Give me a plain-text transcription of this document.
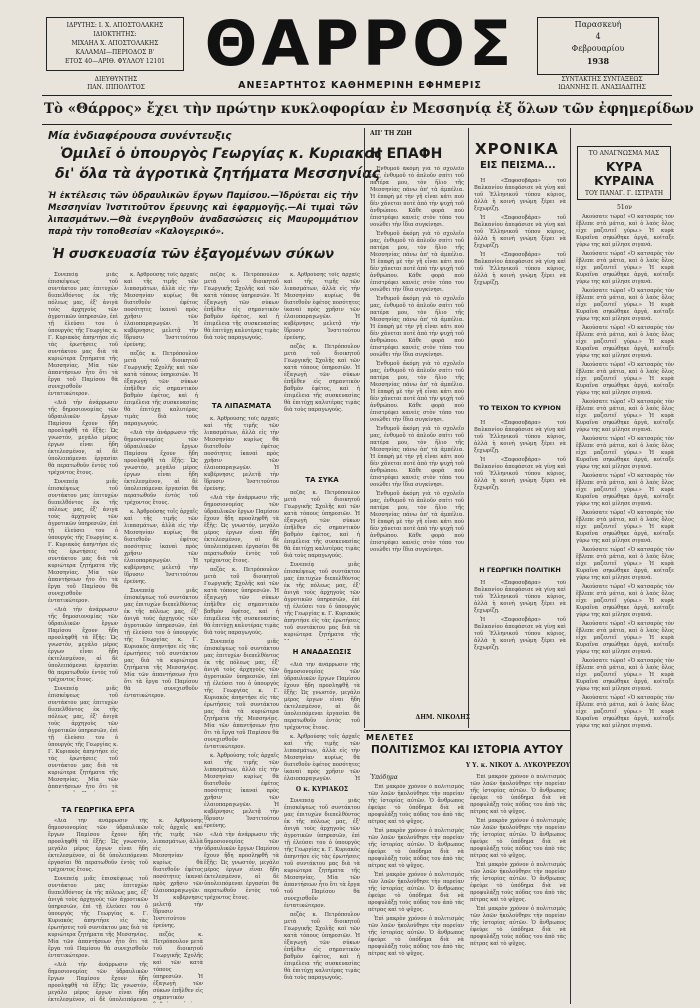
ΙΔΡΥΤΗΣ: Ι. Χ. ΑΠΟΣΤΟΛΑΚΗΣ
ΙΔΙΟΚΤΗΤΗΣ:
ΜΙΧΑΗΛ Χ. ΑΠΟΣΤΟΛΑΚΗΣ
ΚΑΛΑΜΑΙ—ΠΕΡΙΟΔΟΣ Β'
ΕΤΟΣ 40—ΑΡΙΘ. ΦΥΛΛΟΥ 12101
ΔΙΕΥΘΥΝΤΗΣ
ΠΑΝ. ΙΠΠΟΛΥΤΟΣ
ΘΑΡΡΟΣ
ΑΝΕΞΑΡΤΗΤΟΣ ΚΑΘΗΜΕΡΙΝΗ ΕΦΗΜΕΡΙΣ
Παρασκευή
4
Φεβρουαρίου
1938
ΣΥΝΤΑΚΤΗΣ ΣΥΝΤΑΞΕΩΣ
ΙΩΑΝΝΗΣ Π. ΑΝΑΣΙΑΔΙΤΗΣ
Τὸ «Θάρρος» ἔχει τὴν πρώτην κυκλοφορίαν ἐν Μεσσηνίᾳ ἐξ ὅλων τῶν ἐφημερίδων
Μία ἐνδιαφέρουσα συνέντευξις
Ὁμιλεῖ ὁ ὑπουργὸς Γεωργίας κ. Κυριακος
δι' ὅλα τὰ ἀγροτικὰ ζητήματα Μεσσηνίας
Ἡ ἐκτέλεσις τῶν ὑδραυλικῶν ἔργων Παμίσου.—Ἱδρύεται εἰς τὴν Μεσσηνίαν Ἰνστιτοῦτον ἔρευνης καὶ ἐφαρμογῆς.—Αἱ τιμαὶ τῶν λιπασμάτων.—Θὰ ἐνεργηθοῦν ἀναδασώσεις εἰς Μαυρομμάτιον παρὰ τὴν τοποθεσίαν «Καλογερικό».
Ἡ συσκευασία τῶν ἐξαγομένων σύκων

Συνεπείᾳ μιᾶς ἐπισκέψεως τοῦ συντάκτου μας ἐπιτυχὼν διεπελθόντος ἐκ τῆς πόλεως μας, ἐξ' ἀνιγὰ τοὺς ἀρχηγοὺς τῶν ἀγροτικῶν ὑπηρεσιῶν, ἐπὶ τῇ ἐλεύσει του ὁ ὑπουργὸς τῆς Γεωργίας κ. Γ. Κυριακὸς ἀπηντήσε εἰς τὰς ἐρωτήσεις τοῦ συντάκτου μας διὰ τὰ κυριώτερα ζητήματα τῆς Μεσσηνίας. Μία τῶν ἀπαντήσεων ἦτο ὅτι τὰ ἔργα τοῦ Παμίσου θὰ συνεχισθοῦν ἐντατικώτερον.

«Διὰ τὴν ἀνάρρωσιν τῆς δημοσιονομίας τῶν ὑδραυλικῶν ἔργων Παμίσου ἔχουν ἤδη προσληφθῆ τὰ ἔξῆς: Ὡς γνωστόν, μεγάλο μέρος ἐργων εἶναι ἤδη ἐκτελεσμένον, αἱ δὲ ὑπολειπόμεναι ἐργασίαι θὰ περατωθοῦν ἐντὸς τοῦ τρέχοντος ἔτους.

Συνεπείᾳ μιᾶς ἐπισκέψεως τοῦ συντάκτου μας ἐπιτυχὼν διεπελθόντος ἐκ τῆς πόλεως μας, ἐξ' ἀνιγὰ τοὺς ἀρχηγοὺς τῶν ἀγροτικῶν ὑπηρεσιῶν, ἐπὶ τῇ ἐλεύσει του ὁ ὑπουργὸς τῆς Γεωργίας κ. Γ. Κυριακὸς ἀπηντήσε εἰς τὰς ἐρωτήσεις τοῦ συντάκτου μας διὰ τὰ κυριώτερα ζητήματα τῆς Μεσσηνίας. Μία τῶν ἀπαντήσεων ἦτο ὅτι τὰ ἔργα τοῦ Παμίσου θὰ συνεχισθοῦν ἐντατικώτερον.

«Διὰ τὴν ἀνάρρωσιν τῆς δημοσιονομίας τῶν ὑδραυλικῶν ἔργων Παμίσου ἔχουν ἤδη προσληφθῆ τὰ ἔξῆς: Ὡς γνωστόν, μεγάλο μέρος ἐργων εἶναι ἤδη ἐκτελεσμένον, αἱ δὲ ὑπολειπόμεναι ἐργασίαι θὰ περατωθοῦν ἐντὸς τοῦ τρέχοντος ἔτους.

Συνεπείᾳ μιᾶς ἐπισκέψεως τοῦ συντάκτου μας ἐπιτυχὼν διεπελθόντος ἐκ τῆς πόλεως μας, ἐξ' ἀνιγὰ τοὺς ἀρχηγοὺς τῶν ἀγροτικῶν ὑπηρεσιῶν, ἐπὶ τῇ ἐλεύσει του ὁ ὑπουργὸς τῆς Γεωργίας κ. Γ. Κυριακὸς ἀπηντήσε εἰς τὰς ἐρωτήσεις τοῦ συντάκτου μας διὰ τὰ κυριώτερα ζητήματα τῆς Μεσσηνίας. Μία τῶν ἀπαντήσεων ἦτο ὅτι τὰ

ΤΑ ΓΕΩΡΓΙΚΑ ΕΡΓΑ

«Διὰ τὴν ἀνάρρωσιν τῆς δημοσιονομίας τῶν ὑδραυλικῶν ἔργων Παμίσου ἔχουν ἤδη προσληφθῆ τὰ ἔξῆς: Ὡς γνωστόν, μεγάλο μέρος ἐργων εἶναι ἤδη ἐκτελεσμένον, αἱ δὲ ὑπολειπόμεναι ἐργασίαι θὰ περατωθοῦν ἐντὸς τοῦ τρέχοντος ἔτους.

Συνεπείᾳ μιᾶς ἐπισκέψεως τοῦ συντάκτου μας ἐπιτυχὼν διεπελθόντος ἐκ τῆς πόλεως μας, ἐξ' ἀνιγὰ τοὺς ἀρχηγοὺς τῶν ἀγροτικῶν ὑπηρεσιῶν, ἐπὶ τῇ ἐλεύσει του ὁ ὑπουργὸς τῆς Γεωργίας κ. Γ. Κυριακὸς ἀπηντήσε εἰς τὰς ἐρωτήσεις τοῦ συντάκτου μας διὰ τὰ κυριώτερα ζητήματα τῆς Μεσσηνίας. Μία τῶν ἀπαντήσεων ἦτο ὅτι τὰ ἔργα τοῦ Παμίσου θὰ συνεχισθοῦν ἐντατικώτερον.

«Διὰ τὴν ἀνάρρωσιν τῆς δημοσιονομίας τῶν ὑδραυλικῶν ἔργων Παμίσου ἔχουν ἤδη προσληφθῆ τὰ ἔξῆς: Ὡς γνωστόν, μεγάλο μέρος ἐργων εἶναι ἤδη ἐκτελεσμένον, αἱ δὲ ὑπολειπόμεναι

κ. Ἀρθρούσης τοῖς ἀρχαῖς καὶ τῆς τιμῆς τῶν λιπασμάτων, ἀλλὰ εἰς τὴν Μεσσηνίαν κυρίως θὰ διατεθοῦν ἐφέτος ποσότητες ἱκαναὶ πρὸς χρῆσιν τῶν ἐλαιοπαραγωγῶν. Ἡ κυβέρνησις μελετᾷ τὴν ἵδρυσιν Ἰνστιτούτου ἐρεύνης.

πεζάς κ. Πετρόπουλον μετὰ τοῦ διοικητοῦ Γεωργικῆς Σχολῆς καὶ τῶν κατὰ τόπους ὑπηρεσιῶν. Ἡ ἐξαγωγὴ τῶν σύκων ἐπῆλθεν εἰς σημαντικὸν βαθμὸν ἐφέτος, καὶ ἡ ἐπιμέλεια τῆς συσκευασίας θὰ ἐπιτύχῃ καλυτέρας τιμὰς διὰ τοὺς παραγωγούς.

«Διὰ τὴν ἀνάρρωσιν τῆς δημοσιονομίας τῶν ὑδραυλικῶν ἔργων Παμίσου ἔχουν ἤδη προσληφθῆ τὰ ἔξῆς: Ὡς γνωστόν, μεγάλο μέρος ἐργων εἶναι ἤδη ἐκτελεσμένον, αἱ δὲ ὑπολειπόμεναι ἐργασίαι θὰ περατωθοῦν ἐντὸς τοῦ τρέχοντος ἔτους.

κ. Ἀρθρούσης τοῖς ἀρχαῖς καὶ τῆς τιμῆς τῶν λιπασμάτων, ἀλλὰ εἰς τὴν Μεσσηνίαν κυρίως θὰ διατεθοῦν ἐφέτος ποσότητες ἱκαναὶ πρὸς χρῆσιν τῶν ἐλαιοπαραγωγῶν. Ἡ κυβέρνησις μελετᾷ τὴν ἵδρυσιν Ἰνστιτούτου ἐρεύνης.

Συνεπείᾳ μιᾶς ἐπισκέψεως τοῦ συντάκτου μας ἐπιτυχὼν διεπελθόντος ἐκ τῆς πόλεως μας, ἐξ' ἀνιγὰ τοὺς ἀρχηγοὺς τῶν ἀγροτικῶν ὑπηρεσιῶν, ἐπὶ τῇ ἐλεύσει του ὁ ὑπουργὸς τῆς Γεωργίας κ. Γ. Κυριακὸς ἀπηντήσε εἰς τὰς ἐρωτήσεις τοῦ συντάκτου μας διὰ τὰ κυριώτερα ζητήματα τῆς Μεσσηνίας. Μία τῶν ἀπαντήσεων ἦτο ὅτι τὰ ἔργα τοῦ Παμίσου θὰ συνεχισθοῦν ἐντατικώτερον.

κ. Ἀρθρούσης τοῖς ἀρχαῖς καὶ τῆς τιμῆς τῶν λιπασμάτων, ἀλλὰ εἰς τὴν Μεσσηνίαν κυρίως θὰ διατεθοῦν ἐφέτος ποσότητες ἱκαναὶ πρὸς χρῆσιν τῶν ἐλαιοπαραγωγῶν. Ἡ κυβέρνησις μελετᾷ τὴν ἵδρυσιν Ἰνστιτούτου ἐρεύνης.

πεζάς κ. Πετρόπουλον μετὰ τοῦ διοικητοῦ Γεωργικῆς Σχολῆς καὶ τῶν κατὰ τόπους ὑπηρεσιῶν. Ἡ ἐξαγωγὴ τῶν σύκων ἐπῆλθεν εἰς σημαντικὸν

πεζάς κ. Πετρόπουλον μετὰ τοῦ διοικητοῦ Γεωργικῆς Σχολῆς καὶ τῶν κατὰ τόπους ὑπηρεσιῶν. Ἡ ἐξαγωγὴ τῶν σύκων ἐπῆλθεν εἰς σημαντικὸν βαθμὸν ἐφέτος, καὶ ἡ ἐπιμέλεια τῆς συσκευασίας θὰ ἐπιτύχῃ καλυτέρας τιμὰς διὰ τοὺς παραγωγούς.

ΤΑ ΛΙΠΑΣΜΑΤΑ

κ. Ἀρθρούσης τοῖς ἀρχαῖς καὶ τῆς τιμῆς τῶν λιπασμάτων, ἀλλὰ εἰς τὴν Μεσσηνίαν κυρίως θὰ διατεθοῦν ἐφέτος ποσότητες ἱκαναὶ πρὸς χρῆσιν τῶν ἐλαιοπαραγωγῶν. Ἡ κυβέρνησις μελετᾷ τὴν ἵδρυσιν Ἰνστιτούτου ἐρεύνης.

«Διὰ τὴν ἀνάρρωσιν τῆς δημοσιονομίας τῶν ὑδραυλικῶν ἔργων Παμίσου ἔχουν ἤδη προσληφθῆ τὰ ἔξῆς: Ὡς γνωστόν, μεγάλο μέρος ἐργων εἶναι ἤδη ἐκτελεσμένον, αἱ δὲ ὑπολειπόμεναι ἐργασίαι θὰ περατωθοῦν ἐντὸς τοῦ τρέχοντος ἔτους.

πεζάς κ. Πετρόπουλον μετὰ τοῦ διοικητοῦ Γεωργικῆς Σχολῆς καὶ τῶν κατὰ τόπους ὑπηρεσιῶν. Ἡ ἐξαγωγὴ τῶν σύκων ἐπῆλθεν εἰς σημαντικὸν βαθμὸν ἐφέτος, καὶ ἡ ἐπιμέλεια τῆς συσκευασίας θὰ ἐπιτύχῃ καλυτέρας τιμὰς διὰ τοὺς παραγωγούς.

Συνεπείᾳ μιᾶς ἐπισκέψεως τοῦ συντάκτου μας ἐπιτυχὼν διεπελθόντος ἐκ τῆς πόλεως μας, ἐξ' ἀνιγὰ τοὺς ἀρχηγοὺς τῶν ἀγροτικῶν ὑπηρεσιῶν, ἐπὶ τῇ ἐλεύσει του ὁ ὑπουργὸς τῆς Γεωργίας κ. Γ. Κυριακὸς ἀπηντήσε εἰς τὰς ἐρωτήσεις τοῦ συντάκτου μας διὰ τὰ κυριώτερα ζητήματα τῆς Μεσσηνίας. Μία τῶν ἀπαντήσεων ἦτο ὅτι τὰ ἔργα τοῦ Παμίσου θὰ συνεχισθοῦν ἐντατικώτερον.

κ. Ἀρθρούσης τοῖς ἀρχαῖς καὶ τῆς τιμῆς τῶν λιπασμάτων, ἀλλὰ εἰς τὴν Μεσσηνίαν κυρίως θὰ διατεθοῦν ἐφέτος ποσότητες ἱκαναὶ πρὸς χρῆσιν τῶν ἐλαιοπαραγωγῶν. Ἡ κυβέρνησις μελετᾷ τὴν ἵδρυσιν Ἰνστιτούτου ἐρεύνης.

«Διὰ τὴν ἀνάρρωσιν τῆς δημοσιονομίας τῶν ὑδραυλικῶν ἔργων Παμίσου ἔχουν ἤδη προσληφθῆ τὰ ἔξῆς: Ὡς γνωστόν, μεγάλο μέρος ἐργων εἶναι ἤδη ἐκτελεσμένον, αἱ δὲ ὑπολειπόμεναι ἐργασίαι θὰ περατωθοῦν ἐντὸς τοῦ τρέχοντος ἔτους.

κ. Ἀρθρούσης τοῖς ἀρχαῖς καὶ τῆς τιμῆς τῶν λιπασμάτων, ἀλλὰ εἰς τὴν Μεσσηνίαν κυρίως θὰ διατεθοῦν ἐφέτος ποσότητες ἱκαναὶ πρὸς χρῆσιν τῶν ἐλαιοπαραγωγῶν. Ἡ κυβέρνησις μελετᾷ τὴν ἵδρυσιν Ἰνστιτούτου ἐρεύνης.

πεζάς κ. Πετρόπουλον μετὰ τοῦ διοικητοῦ Γεωργικῆς Σχολῆς καὶ τῶν κατὰ τόπους ὑπηρεσιῶν. Ἡ ἐξαγωγὴ τῶν σύκων ἐπῆλθεν εἰς σημαντικὸν βαθμὸν ἐφέτος, καὶ ἡ ἐπιμέλεια τῆς συσκευασίας θὰ ἐπιτύχῃ καλυτέρας τιμὰς διὰ τοὺς παραγωγούς.

ΤΑ ΣΥΚΑ

πεζάς κ. Πετρόπουλον μετὰ τοῦ διοικητοῦ Γεωργικῆς Σχολῆς καὶ τῶν κατὰ τόπους ὑπηρεσιῶν. Ἡ ἐξαγωγὴ τῶν σύκων ἐπῆλθεν εἰς σημαντικὸν βαθμὸν ἐφέτος, καὶ ἡ ἐπιμέλεια τῆς συσκευασίας θὰ ἐπιτύχῃ καλυτέρας τιμὰς διὰ τοὺς παραγωγούς.

Συνεπείᾳ μιᾶς ἐπισκέψεως τοῦ συντάκτου μας ἐπιτυχὼν διεπελθόντος ἐκ τῆς πόλεως μας, ἐξ' ἀνιγὰ τοὺς ἀρχηγοὺς τῶν ἀγροτικῶν ὑπηρεσιῶν, ἐπὶ τῇ ἐλεύσει του ὁ ὑπουργὸς τῆς Γεωργίας κ. Γ. Κυριακὸς ἀπηντήσε εἰς τὰς ἐρωτήσεις τοῦ συντάκτου μας διὰ τὰ κυριώτερα ζητήματα τῆς

Η ΑΝΑΔΑΣΩΣΙΣ

«Διὰ τὴν ἀνάρρωσιν τῆς δημοσιονομίας τῶν ὑδραυλικῶν ἔργων Παμίσου ἔχουν ἤδη προσληφθῆ τὰ ἔξῆς: Ὡς γνωστόν, μεγάλο μέρος ἐργων εἶναι ἤδη ἐκτελεσμένον, αἱ δὲ ὑπολειπόμεναι ἐργασίαι θὰ περατωθοῦν ἐντὸς τοῦ τρέχοντος ἔτους.

κ. Ἀρθρούσης τοῖς ἀρχαῖς καὶ τῆς τιμῆς τῶν λιπασμάτων, ἀλλὰ εἰς τὴν Μεσσηνίαν κυρίως θὰ διατεθοῦν ἐφέτος ποσότητες ἱκαναὶ πρὸς χρῆσιν τῶν ἐλαιοπαραγωγῶν. Ἡ

Ο κ. ΚΥΡΙΑΚΟΣ

Συνεπείᾳ μιᾶς ἐπισκέψεως τοῦ συντάκτου μας ἐπιτυχὼν διεπελθόντος ἐκ τῆς πόλεως μας, ἐξ' ἀνιγὰ τοὺς ἀρχηγοὺς τῶν ἀγροτικῶν ὑπηρεσιῶν, ἐπὶ τῇ ἐλεύσει του ὁ ὑπουργὸς τῆς Γεωργίας κ. Γ. Κυριακὸς ἀπηντήσε εἰς τὰς ἐρωτήσεις τοῦ συντάκτου μας διὰ τὰ κυριώτερα ζητήματα τῆς Μεσσηνίας. Μία τῶν ἀπαντήσεων ἦτο ὅτι τὰ ἔργα τοῦ Παμίσου θὰ συνεχισθοῦν ἐντατικώτερον.

πεζάς κ. Πετρόπουλον μετὰ τοῦ διοικητοῦ Γεωργικῆς Σχολῆς καὶ τῶν κατὰ τόπους ὑπηρεσιῶν. Ἡ ἐξαγωγὴ τῶν σύκων ἐπῆλθεν εἰς σημαντικὸν βαθμὸν ἐφέτος, καὶ ἡ ἐπιμέλεια τῆς συσκευασίας θὰ ἐπιτύχῃ καλυτέρας τιμὰς διὰ τοὺς παραγωγούς.

ΑΠ' ΤΗ ΖΩΗ
Η ΕΠΑΦΗ

Ἐνθυμοῦ ἀκόμη γιὰ τὸ σχολεῖο μας, ἐνθυμοῦ τὸ ἁπλοῦν σπίτι τοῦ πατέρα μου, τὸν ἥλιο τῆς Μεσσηνίας πάνω ἀπ' τὰ ἀμπέλια. Ἡ ἐπαφὴ μὲ τὴν γῆ εἶναι κάτι ποὺ δὲν χάνεται ποτὲ ἀπὸ τὴν ψυχὴ τοῦ ἀνθρώπου. Κάθε φορὰ ποὺ ἐπιστρέφει κανεὶς στὸν τόπο του νοιώθει τὴν ἴδια συγκίνησι.

Ἐνθυμοῦ ἀκόμη γιὰ τὸ σχολεῖο μας, ἐνθυμοῦ τὸ ἁπλοῦν σπίτι τοῦ πατέρα μου, τὸν ἥλιο τῆς Μεσσηνίας πάνω ἀπ' τὰ ἀμπέλια. Ἡ ἐπαφὴ μὲ τὴν γῆ εἶναι κάτι ποὺ δὲν χάνεται ποτὲ ἀπὸ τὴν ψυχὴ τοῦ ἀνθρώπου. Κάθε φορὰ ποὺ ἐπιστρέφει κανεὶς στὸν τόπο του νοιώθει τὴν ἴδια συγκίνησι.

Ἐνθυμοῦ ἀκόμη γιὰ τὸ σχολεῖο μας, ἐνθυμοῦ τὸ ἁπλοῦν σπίτι τοῦ πατέρα μου, τὸν ἥλιο τῆς Μεσσηνίας πάνω ἀπ' τὰ ἀμπέλια. Ἡ ἐπαφὴ μὲ τὴν γῆ εἶναι κάτι ποὺ δὲν χάνεται ποτὲ ἀπὸ τὴν ψυχὴ τοῦ ἀνθρώπου. Κάθε φορὰ ποὺ ἐπιστρέφει κανεὶς στὸν τόπο του νοιώθει τὴν ἴδια συγκίνησι.

Ἐνθυμοῦ ἀκόμη γιὰ τὸ σχολεῖο μας, ἐνθυμοῦ τὸ ἁπλοῦν σπίτι τοῦ πατέρα μου, τὸν ἥλιο τῆς Μεσσηνίας πάνω ἀπ' τὰ ἀμπέλια. Ἡ ἐπαφὴ μὲ τὴν γῆ εἶναι κάτι ποὺ δὲν χάνεται ποτὲ ἀπὸ τὴν ψυχὴ τοῦ ἀνθρώπου. Κάθε φορὰ ποὺ ἐπιστρέφει κανεὶς στὸν τόπο του νοιώθει τὴν ἴδια συγκίνησι.

Ἐνθυμοῦ ἀκόμη γιὰ τὸ σχολεῖο μας, ἐνθυμοῦ τὸ ἁπλοῦν σπίτι τοῦ πατέρα μου, τὸν ἥλιο τῆς Μεσσηνίας πάνω ἀπ' τὰ ἀμπέλια. Ἡ ἐπαφὴ μὲ τὴν γῆ εἶναι κάτι ποὺ δὲν χάνεται ποτὲ ἀπὸ τὴν ψυχὴ τοῦ ἀνθρώπου. Κάθε φορὰ ποὺ ἐπιστρέφει κανεὶς στὸν τόπο του νοιώθει τὴν ἴδια συγκίνησι.

Ἐνθυμοῦ ἀκόμη γιὰ τὸ σχολεῖο μας, ἐνθυμοῦ τὸ ἁπλοῦν σπίτι τοῦ πατέρα μου, τὸν ἥλιο τῆς Μεσσηνίας πάνω ἀπ' τὰ ἀμπέλια. Ἡ ἐπαφὴ μὲ τὴν γῆ εἶναι κάτι ποὺ δὲν χάνεται ποτὲ ἀπὸ τὴν ψυχὴ τοῦ ἀνθρώπου. Κάθε φορὰ ποὺ ἐπιστρέφει κανεὶς στὸν τόπο του νοιώθει τὴν ἴδια συγκίνησι.

ΔΗΜ. ΝΙΚΟΛΗΣ
ΧΡΟΝΙΚΑ
ΕΙΣ ΠΕΙΣΜΑ...

Ἡ «Ξαφοσοβάρα» τοῦ Βαλκανίου ἀπεφάσισε νὰ γίνῃ καὶ τοῦ Ἑλληνικοῦ τύπου κύριος, ἀλλὰ ἡ κοινὴ γνώμη ξέρει νὰ ξεχωρίζῃ.

Ἡ «Ξαφοσοβάρα» τοῦ Βαλκανίου ἀπεφάσισε νὰ γίνῃ καὶ τοῦ Ἑλληνικοῦ τύπου κύριος, ἀλλὰ ἡ κοινὴ γνώμη ξέρει νὰ ξεχωρίζῃ.

Ἡ «Ξαφοσοβάρα» τοῦ Βαλκανίου ἀπεφάσισε νὰ γίνῃ καὶ τοῦ Ἑλληνικοῦ τύπου κύριος, ἀλλὰ ἡ κοινὴ γνώμη ξέρει νὰ ξεχωρίζῃ.

ΤΟ ΤΕΙΧΟΝ ΤΟ ΚΥΡΙΟΝ

Ἡ «Ξαφοσοβάρα» τοῦ Βαλκανίου ἀπεφάσισε νὰ γίνῃ καὶ τοῦ Ἑλληνικοῦ τύπου κύριος, ἀλλὰ ἡ κοινὴ γνώμη ξέρει νὰ ξεχωρίζῃ.

Ἡ «Ξαφοσοβάρα» τοῦ Βαλκανίου ἀπεφάσισε νὰ γίνῃ καὶ τοῦ Ἑλληνικοῦ τύπου κύριος, ἀλλὰ ἡ κοινὴ γνώμη ξέρει νὰ ξεχωρίζῃ.

Η ΓΕΩΡΓΙΚΗ ΠΟΛΙΤΙΚΗ

Ἡ «Ξαφοσοβάρα» τοῦ Βαλκανίου ἀπεφάσισε νὰ γίνῃ καὶ τοῦ Ἑλληνικοῦ τύπου κύριος, ἀλλὰ ἡ κοινὴ γνώμη ξέρει νὰ ξεχωρίζῃ.

Ἡ «Ξαφοσοβάρα» τοῦ Βαλκανίου ἀπεφάσισε νὰ γίνῃ καὶ τοῦ Ἑλληνικοῦ τύπου κύριος, ἀλλὰ ἡ κοινὴ γνώμη ξέρει νὰ ξεχωρίζῃ.

ΤΟ ΑΝΑΓΝΩΣΜΑ ΜΑΣ
ΚΥΡΑ ΚΥΡΑΙΝΑ
ΤΟΥ ΠΑΝΑΓ. Γ. ΙΣΤΡΑΤΗ
51ον

Ἀκούσατε τώρα! «Ὁ κατσαρὸς τὸν ἔβλεπε στὰ μάτια, καὶ ὁ λαὸς ὅλος εἶχε μαζευτεῖ γύρω.» Ἡ κυρὰ Κυραῖνα σηκώθηκε ἀργά, κοίταξε γύρω της καὶ μίλησε σιγανά.

Ἀκούσατε τώρα! «Ὁ κατσαρὸς τὸν ἔβλεπε στὰ μάτια, καὶ ὁ λαὸς ὅλος εἶχε μαζευτεῖ γύρω.» Ἡ κυρὰ Κυραῖνα σηκώθηκε ἀργά, κοίταξε γύρω της καὶ μίλησε σιγανά.

Ἀκούσατε τώρα! «Ὁ κατσαρὸς τὸν ἔβλεπε στὰ μάτια, καὶ ὁ λαὸς ὅλος εἶχε μαζευτεῖ γύρω.» Ἡ κυρὰ Κυραῖνα σηκώθηκε ἀργά, κοίταξε γύρω της καὶ μίλησε σιγανά.

Ἀκούσατε τώρα! «Ὁ κατσαρὸς τὸν ἔβλεπε στὰ μάτια, καὶ ὁ λαὸς ὅλος εἶχε μαζευτεῖ γύρω.» Ἡ κυρὰ Κυραῖνα σηκώθηκε ἀργά, κοίταξε γύρω της καὶ μίλησε σιγανά.

Ἀκούσατε τώρα! «Ὁ κατσαρὸς τὸν ἔβλεπε στὰ μάτια, καὶ ὁ λαὸς ὅλος εἶχε μαζευτεῖ γύρω.» Ἡ κυρὰ Κυραῖνα σηκώθηκε ἀργά, κοίταξε γύρω της καὶ μίλησε σιγανά.

Ἀκούσατε τώρα! «Ὁ κατσαρὸς τὸν ἔβλεπε στὰ μάτια, καὶ ὁ λαὸς ὅλος εἶχε μαζευτεῖ γύρω.» Ἡ κυρὰ Κυραῖνα σηκώθηκε ἀργά, κοίταξε γύρω της καὶ μίλησε σιγανά.

Ἀκούσατε τώρα! «Ὁ κατσαρὸς τὸν ἔβλεπε στὰ μάτια, καὶ ὁ λαὸς ὅλος εἶχε μαζευτεῖ γύρω.» Ἡ κυρὰ Κυραῖνα σηκώθηκε ἀργά, κοίταξε γύρω της καὶ μίλησε σιγανά.

Ἀκούσατε τώρα! «Ὁ κατσαρὸς τὸν ἔβλεπε στὰ μάτια, καὶ ὁ λαὸς ὅλος εἶχε μαζευτεῖ γύρω.» Ἡ κυρὰ Κυραῖνα σηκώθηκε ἀργά, κοίταξε γύρω της καὶ μίλησε σιγανά.

Ἀκούσατε τώρα! «Ὁ κατσαρὸς τὸν ἔβλεπε στὰ μάτια, καὶ ὁ λαὸς ὅλος εἶχε μαζευτεῖ γύρω.» Ἡ κυρὰ Κυραῖνα σηκώθηκε ἀργά, κοίταξε γύρω της καὶ μίλησε σιγανά.

Ἀκούσατε τώρα! «Ὁ κατσαρὸς τὸν ἔβλεπε στὰ μάτια, καὶ ὁ λαὸς ὅλος εἶχε μαζευτεῖ γύρω.» Ἡ κυρὰ Κυραῖνα σηκώθηκε ἀργά, κοίταξε γύρω της καὶ μίλησε σιγανά.

Ἀκούσατε τώρα! «Ὁ κατσαρὸς τὸν ἔβλεπε στὰ μάτια, καὶ ὁ λαὸς ὅλος εἶχε μαζευτεῖ γύρω.» Ἡ κυρὰ Κυραῖνα σηκώθηκε ἀργά, κοίταξε γύρω της καὶ μίλησε σιγανά.

Ἀκούσατε τώρα! «Ὁ κατσαρὸς τὸν ἔβλεπε στὰ μάτια, καὶ ὁ λαὸς ὅλος εἶχε μαζευτεῖ γύρω.» Ἡ κυρὰ Κυραῖνα σηκώθηκε ἀργά, κοίταξε γύρω της καὶ μίλησε σιγανά.

Ἀκούσατε τώρα! «Ὁ κατσαρὸς τὸν ἔβλεπε στὰ μάτια, καὶ ὁ λαὸς ὅλος εἶχε μαζευτεῖ γύρω.» Ἡ κυρὰ Κυραῖνα σηκώθηκε ἀργά, κοίταξε γύρω της καὶ μίλησε σιγανά.

Ἀκούσατε τώρα! «Ὁ κατσαρὸς τὸν ἔβλεπε στὰ μάτια, καὶ ὁ λαὸς ὅλος εἶχε μαζευτεῖ γύρω.» Ἡ κυρὰ Κυραῖνα σηκώθηκε ἀργά, κοίταξε γύρω της καὶ μίλησε σιγανά.

ΜΕΛΕΤΕΣ
ΠΟΛΙΤΙΣΜΟΣ ΚΑΙ ΙΣΤΟΡΙΑ ΑΥΤΟΥ
Υ Υ. κ. ΝΙΚΟΥ Δ. ΛΥΚΟΥΡΕΖΟΥ
Ὑπόδημα

Ἐπὶ μακρὸν χρόνον ὁ πολιτισμὸς τῶν λαῶν ἠκολούθησε τὴν πορείαν τῆς ἱστορίας αὐτῶν. Ὁ ἄνθρωπος ἐφεύρε τὸ ὑπόδημα διὰ νὰ προφυλάξῃ τοὺς πόδας του ἀπὸ τὰς πέτρας καὶ τὸ ψῦχος.

Ἐπὶ μακρὸν χρόνον ὁ πολιτισμὸς τῶν λαῶν ἠκολούθησε τὴν πορείαν τῆς ἱστορίας αὐτῶν. Ὁ ἄνθρωπος ἐφεύρε τὸ ὑπόδημα διὰ νὰ προφυλάξῃ τοὺς πόδας του ἀπὸ τὰς πέτρας καὶ τὸ ψῦχος.

Ἐπὶ μακρὸν χρόνον ὁ πολιτισμὸς τῶν λαῶν ἠκολούθησε τὴν πορείαν τῆς ἱστορίας αὐτῶν. Ὁ ἄνθρωπος ἐφεύρε τὸ ὑπόδημα διὰ νὰ προφυλάξῃ τοὺς πόδας του ἀπὸ τὰς πέτρας καὶ τὸ ψῦχος.

Ἐπὶ μακρὸν χρόνον ὁ πολιτισμὸς τῶν λαῶν ἠκολούθησε τὴν πορείαν τῆς ἱστορίας αὐτῶν. Ὁ ἄνθρωπος ἐφεύρε τὸ ὑπόδημα διὰ νὰ προφυλάξῃ τοὺς πόδας του ἀπὸ τὰς πέτρας καὶ τὸ ψῦχος.

Ἐπὶ μακρὸν χρόνον ὁ πολιτισμὸς τῶν λαῶν ἠκολούθησε τὴν πορείαν τῆς ἱστορίας αὐτῶν. Ὁ ἄνθρωπος ἐφεύρε τὸ ὑπόδημα διὰ νὰ προφυλάξῃ τοὺς πόδας του ἀπὸ τὰς πέτρας καὶ τὸ ψῦχος.

Ἐπὶ μακρὸν χρόνον ὁ πολιτισμὸς τῶν λαῶν ἠκολούθησε τὴν πορείαν τῆς ἱστορίας αὐτῶν. Ὁ ἄνθρωπος ἐφεύρε τὸ ὑπόδημα διὰ νὰ προφυλάξῃ τοὺς πόδας του ἀπὸ τὰς πέτρας καὶ τὸ ψῦχος.

Ἐπὶ μακρὸν χρόνον ὁ πολιτισμὸς τῶν λαῶν ἠκολούθησε τὴν πορείαν τῆς ἱστορίας αὐτῶν. Ὁ ἄνθρωπος ἐφεύρε τὸ ὑπόδημα διὰ νὰ προφυλάξῃ τοὺς πόδας του ἀπὸ τὰς πέτρας καὶ τὸ ψῦχος.

Ἐπὶ μακρὸν χρόνον ὁ πολιτισμὸς τῶν λαῶν ἠκολούθησε τὴν πορείαν τῆς ἱστορίας αὐτῶν. Ὁ ἄνθρωπος ἐφεύρε τὸ ὑπόδημα διὰ νὰ προφυλάξῃ τοὺς πόδας του ἀπὸ τὰς πέτρας καὶ τὸ ψῦχος.
